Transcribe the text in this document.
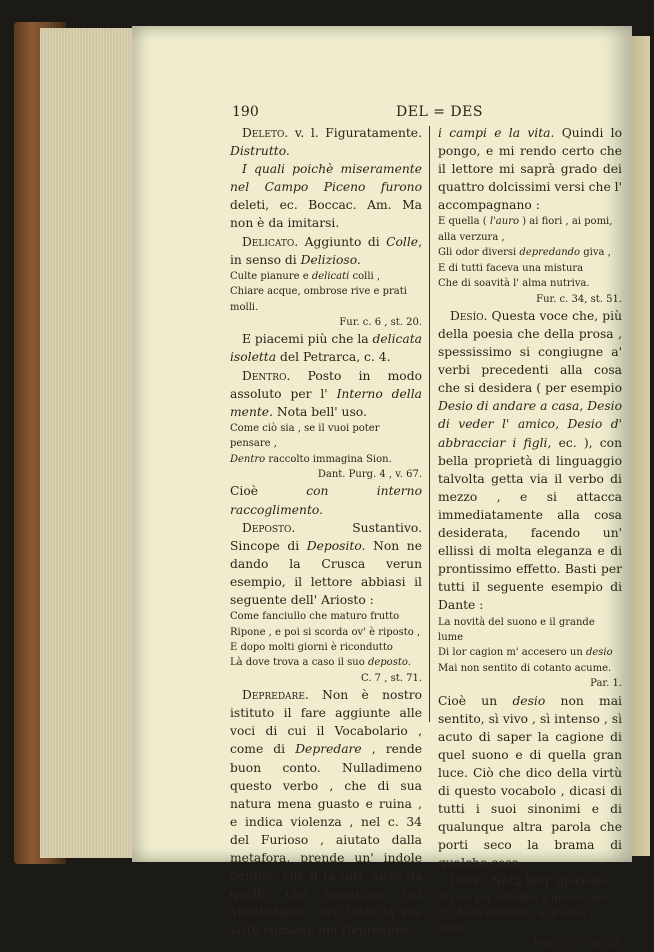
190	DEL = DES

Deleto. v. l. Figuratamente. Distrutto.

I quali poichè miseramente nel Campo Piceno furono deleti, ec. Boccac. Am. Ma non è da imitarsi.

Delicato. Aggiunto di Colle, in senso di Delizioso.

Culte pianure e delicati colli ,

Chiare acque, ombrose rive e prati molli.

Fur. c. 6 , st. 20.

E piacemi più che la delicata isoletta del Petrarca, c. 4.

Dentro. Posto in modo assoluto per l' Interno della mente. Nota bell' uso.

Come ciò sia , se il vuoi poter pensare ,

Dentro raccolto immagina Sion.

Dant. Purg. 4 , v. 67.

Cioè con interno raccoglimento.

Deposto. Sustantivo. Sincope di Deposito. Non ne dando la Crusca verun esempio, il lettore abbiasi il seguente dell' Ariosto :

Come fanciullo che maturo frutto

Ripone , e poi si scorda ov' è riposto ,

E dopo molti giorni è ricondutto

Là dove trova a caso il suo deposto.

C. 7 , st. 71.

Depredare. Non è nostro istituto il fare aggiunte alle voci di cui il Vocabolario , come di Depredare , rende buon conto. Nulladimeno questo verbo , che di sua natura mena guasto e ruina , e indica violenza , nel c. 34 del Furioso , aiutato dalla metafora, prende un' indole gentile, che il fa tutt' altro da quello che apparisce nel Vocabolario , ove tutta la sua virtù consiste nel Depredare

i campi e la vita. Quindi lo pongo, e mi rendo certo che il lettore mi saprà grado dei quattro dolcissimi versi che l' accompagnano :

E quella ( l'auro ) ai fiori , ai pomi, alla verzura ,

Gli odor diversi depredando giva ,

E di tutti faceva una mistura

Che di soavità l' alma nutriva.

Fur. c. 34, st. 51.

Desío. Questa voce che, più della poesia che della prosa , spessissimo si congiugne a' verbi precedenti alla cosa che si desidera ( per esempio Desio di andare a casa, Desio di veder l' amico, Desio d' abbracciar i figli, ec. ), con bella proprietà di linguaggio talvolta getta via il verbo di mezzo , e si attacca immediatamente alla cosa desiderata, facendo un' ellissi di molta eleganza e di prontissimo effetto. Basti per tutti il seguente esempio di Dante :

La novità del suono e il grande lume

Di lor cagion m' accesero un desio

Mai non sentito di cotanto acume.

Par. 1.

Cioè un desio non mai sentito, sì vivo , sì intenso , sì acuto di saper la cagione di quel suono e di quella gran luce. Ciò che dico della virtù di questo vocabolo , dicasi di tutti i suoi sinonimi e di qualunque altra parola che porti seco la brama di qualche cosa.

Desío. Nota bell' iperbato :

Ma sol per satisfare a questo mio ,

Ch' ho di onorarla , e di lodar , desío.

Fur. c. 37 , st. 22.
